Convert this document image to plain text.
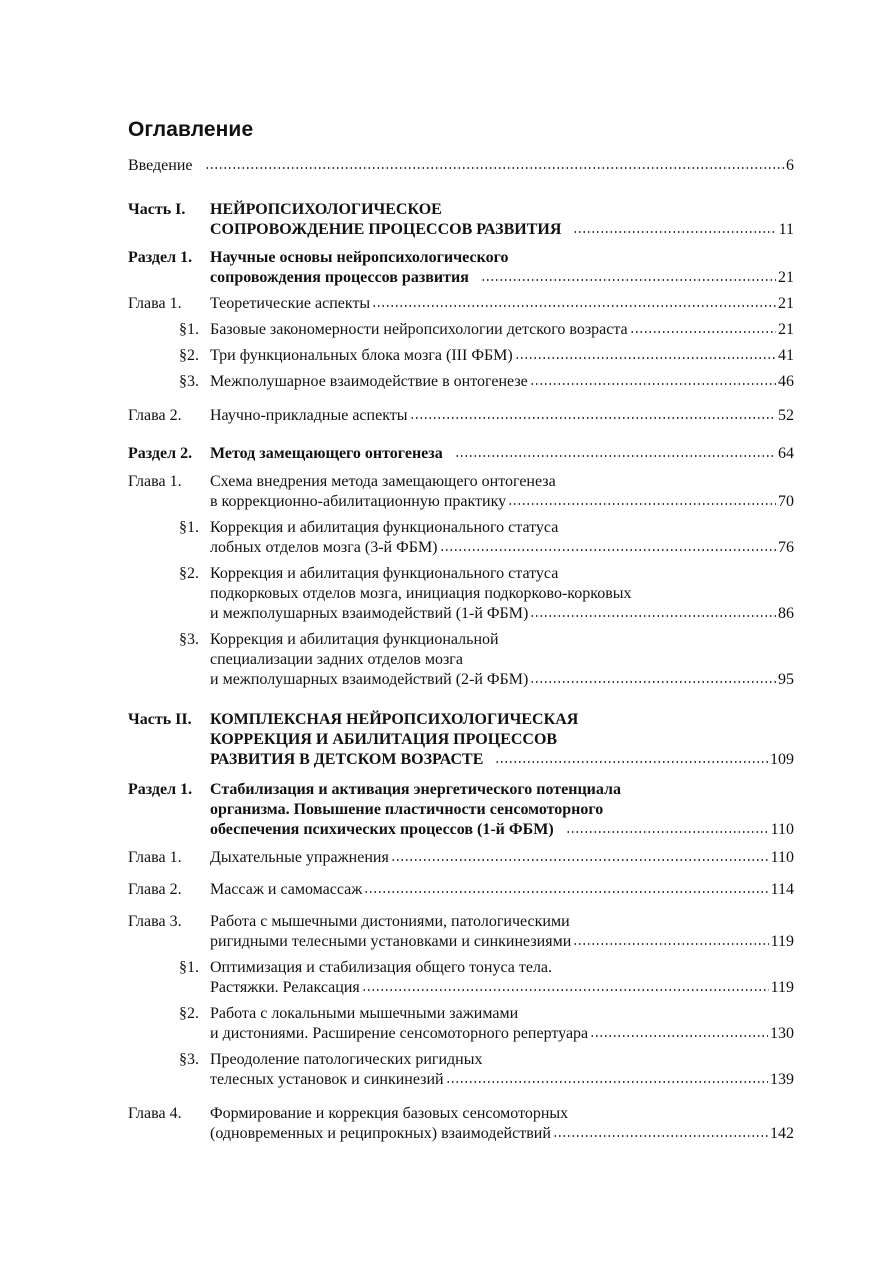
Оглавление
Введение	6
Часть I. НЕЙРОПСИХОЛОГИЧЕСКОЕ
СОПРОВОЖДЕНИЕ ПРОЦЕССОВ РАЗВИТИЯ	11
Раздел 1. Научные основы нейропсихологического
сопровождения процессов развития	21
Глава 1. Теоретические аспекты	21
§1. Базовые закономерности нейропсихологии детского возраста	21
§2. Три функциональных блока мозга (III ФБМ)	41
§3. Межполушарное взаимодействие в онтогенезе	46
Глава 2. Научно-прикладные аспекты	52
Раздел 2. Метод замещающего онтогенеза	64
Глава 1. Схема внедрения метода замещающего онтогенеза
в коррекционно-абилитационную практику	70
§1. Коррекция и абилитация функционального статуса
лобных отделов мозга (3-й ФБМ)	76
§2. Коррекция и абилитация функционального статуса
подкорковых отделов мозга, инициация подкорково-корковых
и межполушарных взаимодействий (1-й ФБМ)	86
§3. Коррекция и абилитация функциональной
специализации задних отделов мозга
и межполушарных взаимодействий (2-й ФБМ)	95
Часть II. КОМПЛЕКСНАЯ НЕЙРОПСИХОЛОГИЧЕСКАЯ
КОРРЕКЦИЯ И АБИЛИТАЦИЯ ПРОЦЕССОВ
РАЗВИТИЯ В ДЕТСКОМ ВОЗРАСТЕ	109
Раздел 1. Стабилизация и активация энергетического потенциала
организма. Повышение пластичности сенсомоторного
обеспечения психических процессов (1-й ФБМ)	110
Глава 1. Дыхательные упражнения	110
Глава 2. Массаж и самомассаж	114
Глава 3. Работа с мышечными дистониями, патологическими
ригидными телесными установками и синкинезиями	119
§1. Оптимизация и стабилизация общего тонуса тела.
Растяжки. Релаксация	119
§2. Работа с локальными мышечными зажимами
и дистониями. Расширение сенсомоторного репертуара	130
§3. Преодоление патологических ригидных
телесных установок и синкинезий	139
Глава 4. Формирование и коррекция базовых сенсомоторных
(одновременных и реципрокных) взаимодействий	142
